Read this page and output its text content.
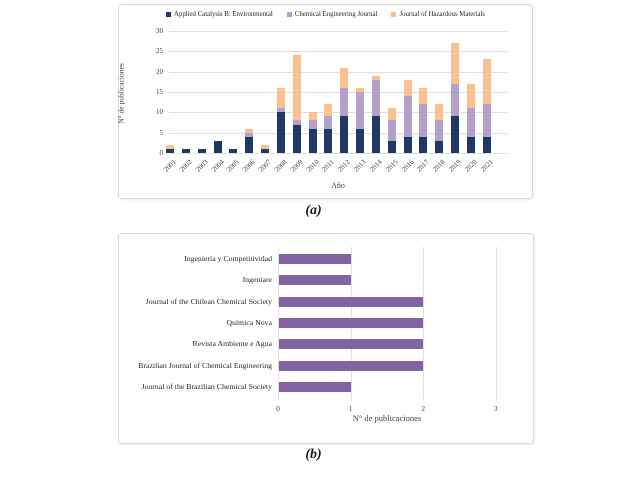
Applied Catalysis B: Environmental	Chemical Engineering Journal	Journal of Hazardous Materials
N° de publicaciones
0
5
10
15
20
25
30
2001 2002 2003 2004 2005 2006 2007 2008 2009 2010 2011 2012 2013 2014 2015 2016 2017 2018 2019 2020 2021
Año
(a)
0	1	2	3
Ingeniería y Competitividad
Ingeniare
Journal of the Chilean Chemical Society
Química Nova
Revista Ambiente e Agua
Brazilian Journal of Chemical Engineering
Journal of the Brazilian Chemical Society
N° de publicaciones
(b)
